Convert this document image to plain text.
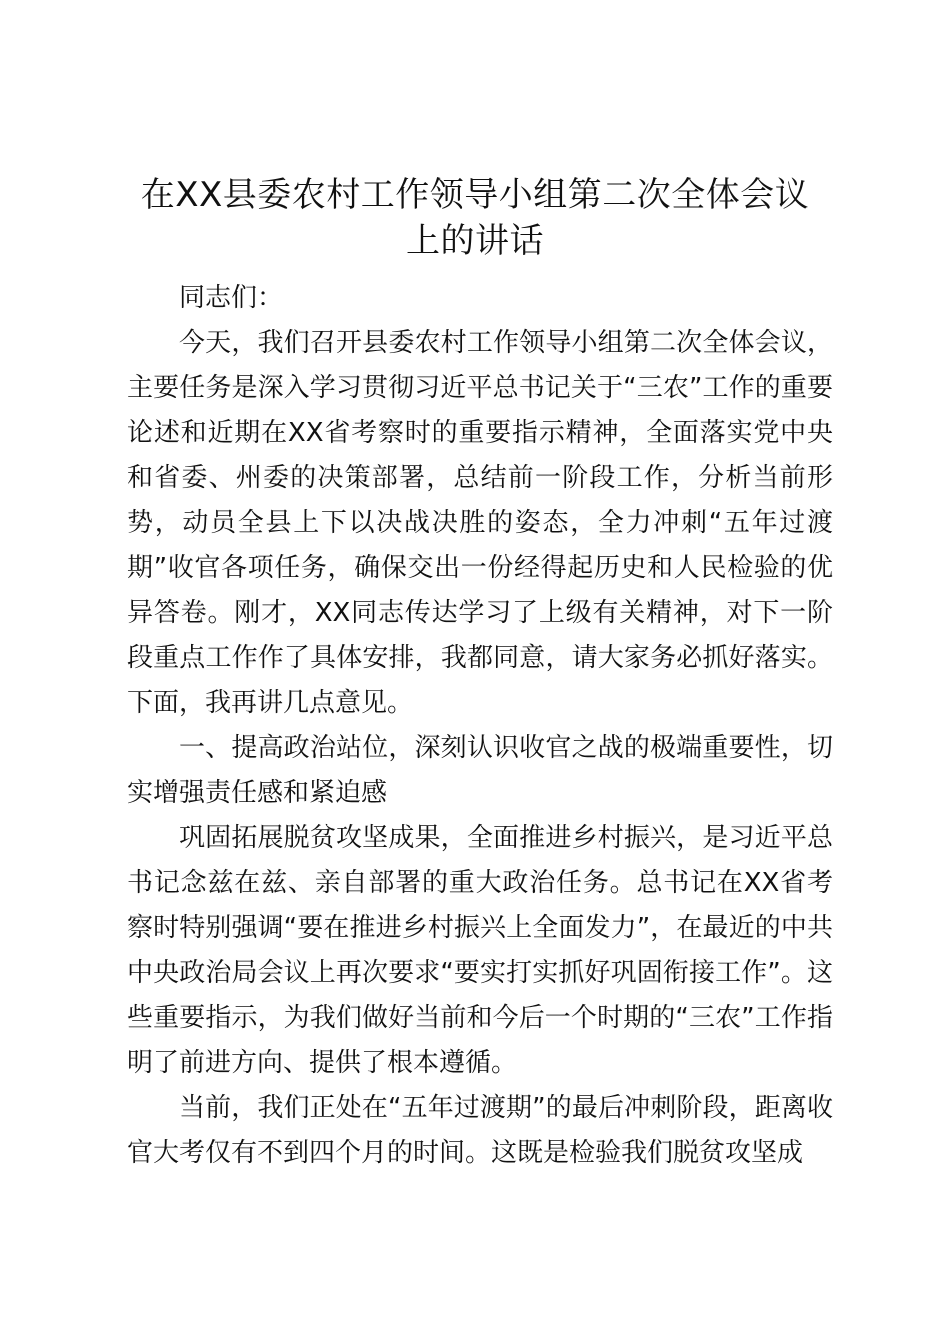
在XX县委农村工作领导小组第二次全体会议
上的讲话

同志们：

今天，我们召开县委农村工作领导小组第二次全体会议，主要任务是深入学习贯彻习近平总书记关于“三农”工作的重要论述和近期在XX省考察时的重要指示精神，全面落实党中央和省委、州委的决策部署，总结前一阶段工作，分析当前形势，动员全县上下以决战决胜的姿态，全力冲刺“五年过渡期”收官各项任务，确保交出一份经得起历史和人民检验的优异答卷。刚才，XX同志传达学习了上级有关精神，对下一阶段重点工作作了具体安排，我都同意，请大家务必抓好落实。下面，我再讲几点意见。

一、提高政治站位，深刻认识收官之战的极端重要性，切实增强责任感和紧迫感

巩固拓展脱贫攻坚成果，全面推进乡村振兴，是习近平总书记念兹在兹、亲自部署的重大政治任务。总书记在XX省考察时特别强调“要在推进乡村振兴上全面发力”，在最近的中共中央政治局会议上再次要求“要实打实抓好巩固衔接工作”。这些重要指示，为我们做好当前和今后一个时期的“三农”工作指明了前进方向、提供了根本遵循。

当前，我们正处在“五年过渡期”的最后冲刺阶段，距离收官大考仅有不到四个月的时间。这既是检验我们脱贫攻坚成
